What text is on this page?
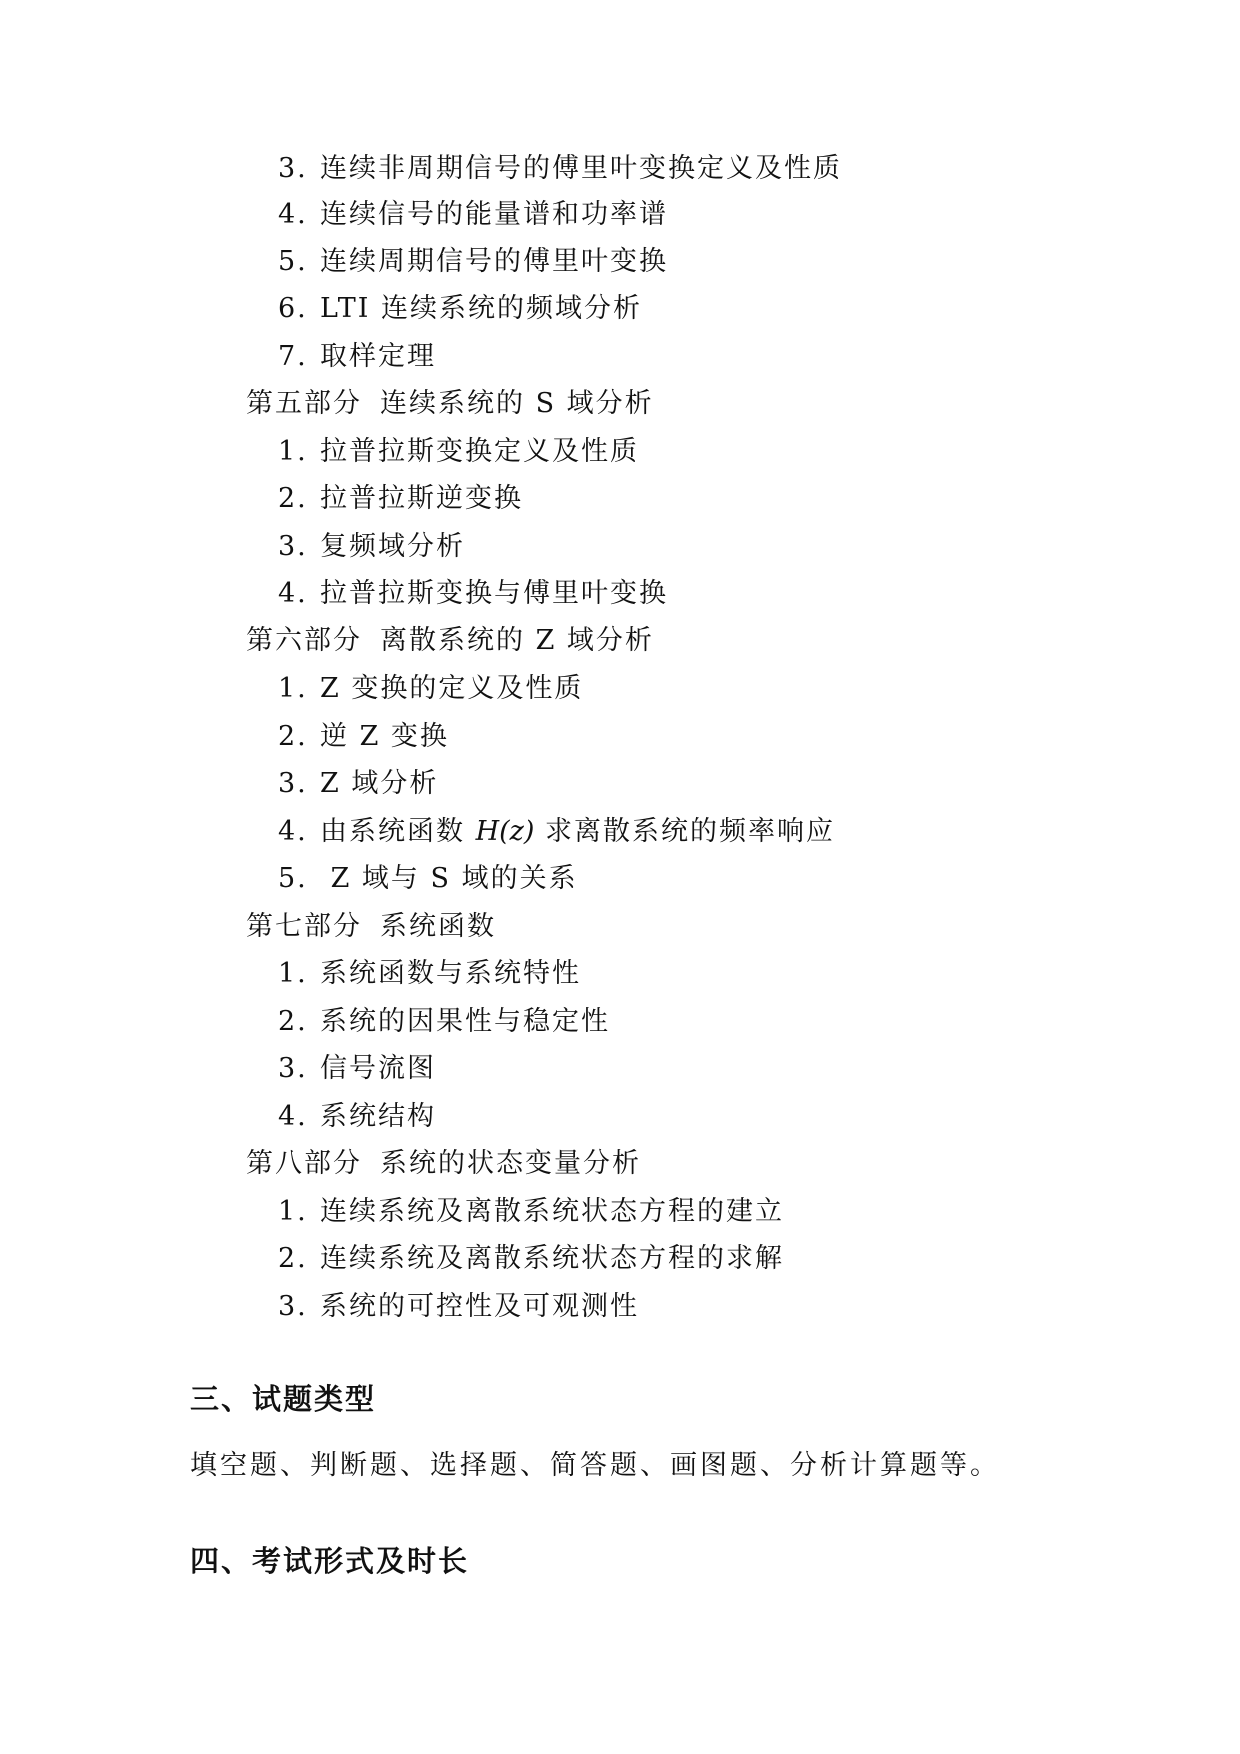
3. 连续非周期信号的傅里叶变换定义及性质
4. 连续信号的能量谱和功率谱
5. 连续周期信号的傅里叶变换
6. LTI 连续系统的频域分析
7. 取样定理
第五部分 连续系统的 S 域分析
1. 拉普拉斯变换定义及性质
2. 拉普拉斯逆变换
3. 复频域分析
4. 拉普拉斯变换与傅里叶变换
第六部分 离散系统的 Z 域分析
1. Z 变换的定义及性质
2. 逆 Z 变换
3. Z 域分析
4. 由系统函数 H(z) 求离散系统的频率响应
5. Z 域与 S 域的关系
第七部分 系统函数
1. 系统函数与系统特性
2. 系统的因果性与稳定性
3. 信号流图
4. 系统结构
第八部分 系统的状态变量分析
1. 连续系统及离散系统状态方程的建立
2. 连续系统及离散系统状态方程的求解
3. 系统的可控性及可观测性
三、试题类型
填空题、判断题、选择题、简答题、画图题、分析计算题等。
四、考试形式及时长
